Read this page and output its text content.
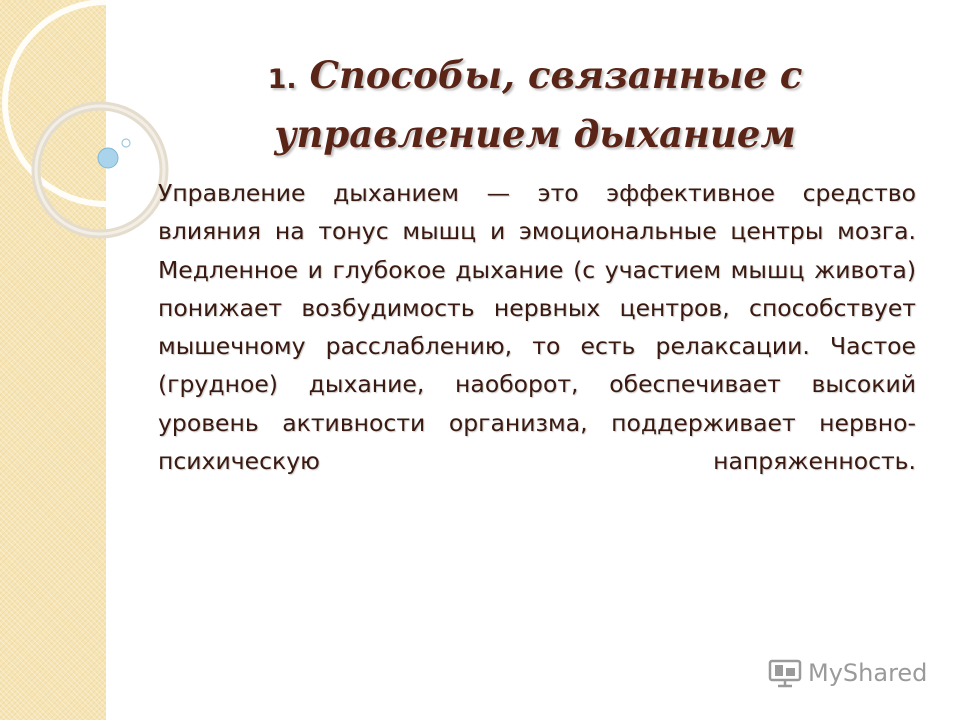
1. Способы, связанные с управлением дыханием

Управление дыханием — это эффективное средство влияния на тонус мышц и эмоциональные центры мозга. Медленное и глубокое дыхание (с участием мышц живота) понижает возбудимость нервных центров, способствует мышечному расслаблению, то есть релаксации. Частое (грудное) дыхание, наоборот, обеспечивает высокий уровень активности организма, поддерживает нервно-психическую напряженность.

MyShared
